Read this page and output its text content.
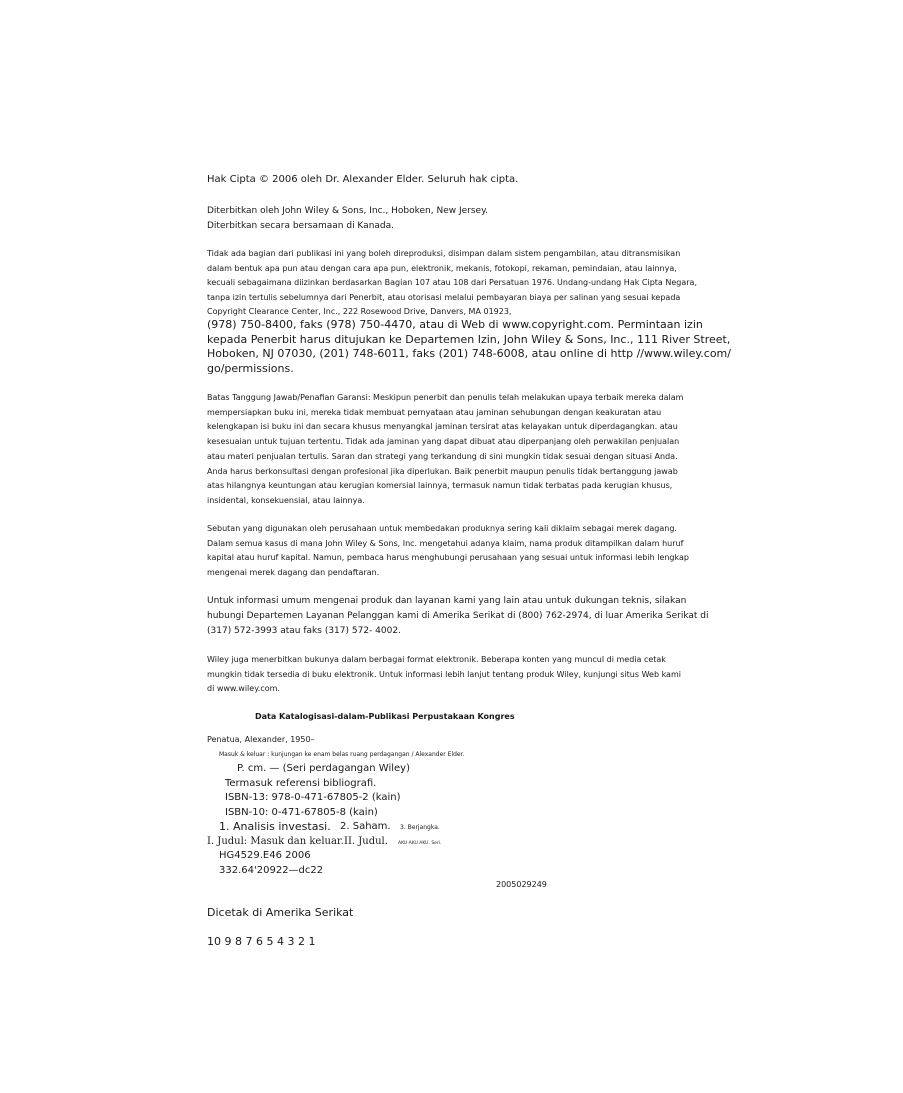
Hak Cipta © 2006 oleh Dr. Alexander Elder. Seluruh hak cipta.
Diterbitkan oleh John Wiley & Sons, Inc., Hoboken, New Jersey.
Diterbitkan secara bersamaan di Kanada.
Tidak ada bagian dari publikasi ini yang boleh direproduksi, disimpan dalam sistem pengambilan, atau ditransmisikan
dalam bentuk apa pun atau dengan cara apa pun, elektronik, mekanis, fotokopi, rekaman, pemindaian, atau lainnya,
kecuali sebagaimana diizinkan berdasarkan Bagian 107 atau 108 dari Persatuan 1976. Undang-undang Hak Cipta Negara,
tanpa izin tertulis sebelumnya dari Penerbit, atau otorisasi melalui pembayaran biaya per salinan yang sesuai kepada
Copyright Clearance Center, Inc., 222 Rosewood Drive, Danvers, MA 01923,
(978) 750-8400, faks (978) 750-4470, atau di Web di www.copyright.com. Permintaan izin
kepada Penerbit harus ditujukan ke Departemen Izin, John Wiley & Sons, Inc., 111 River Street,
Hoboken, NJ 07030, (201) 748-6011, faks (201) 748-6008, atau online di http //www.wiley.com/
go/permissions.
Batas Tanggung Jawab/Penafian Garansi: Meskipun penerbit dan penulis telah melakukan upaya terbaik mereka dalam
mempersiapkan buku ini, mereka tidak membuat pernyataan atau jaminan sehubungan dengan keakuratan atau
kelengkapan isi buku ini dan secara khusus menyangkal jaminan tersirat atas kelayakan untuk diperdagangkan. atau
kesesuaian untuk tujuan tertentu. Tidak ada jaminan yang dapat dibuat atau diperpanjang oleh perwakilan penjualan
atau materi penjualan tertulis. Saran dan strategi yang terkandung di sini mungkin tidak sesuai dengan situasi Anda.
Anda harus berkonsultasi dengan profesional jika diperlukan. Baik penerbit maupun penulis tidak bertanggung jawab
atas hilangnya keuntungan atau kerugian komersial lainnya, termasuk namun tidak terbatas pada kerugian khusus,
insidental, konsekuensial, atau lainnya.
Sebutan yang digunakan oleh perusahaan untuk membedakan produknya sering kali diklaim sebagai merek dagang.
Dalam semua kasus di mana John Wiley & Sons, Inc. mengetahui adanya klaim, nama produk ditampilkan dalam huruf
kapital atau huruf kapital. Namun, pembaca harus menghubungi perusahaan yang sesuai untuk informasi lebih lengkap
mengenai merek dagang dan pendaftaran.
Untuk informasi umum mengenai produk dan layanan kami yang lain atau untuk dukungan teknis, silakan
hubungi Departemen Layanan Pelanggan kami di Amerika Serikat di (800) 762-2974, di luar Amerika Serikat di
(317) 572-3993 atau faks (317) 572- 4002.
Wiley juga menerbitkan bukunya dalam berbagai format elektronik. Beberapa konten yang muncul di media cetak
mungkin tidak tersedia di buku elektronik. Untuk informasi lebih lanjut tentang produk Wiley, kunjungi situs Web kami
di www.wiley.com.
Data Katalogisasi-dalam-Publikasi Perpustakaan Kongres
Penatua, Alexander, 1950–
Masuk & keluar : kunjungan ke enam belas ruang perdagangan / Alexander Elder.
P. cm. — (Seri perdagangan Wiley)
Termasuk referensi bibliografi.
ISBN-13: 978-0-471-67805-2 (kain)
ISBN-10: 0-471-67805-8 (kain)
1. Analisis investasi. 2. Saham. 3. Berjangka.
I. Judul: Masuk dan keluar. II. Judul. AKU AKU AKU. Seri.
HG4529.E46 2006
332.64'20922—dc22
2005029249
Dicetak di Amerika Serikat
10 9 8 7 6 5 4 3 2 1
